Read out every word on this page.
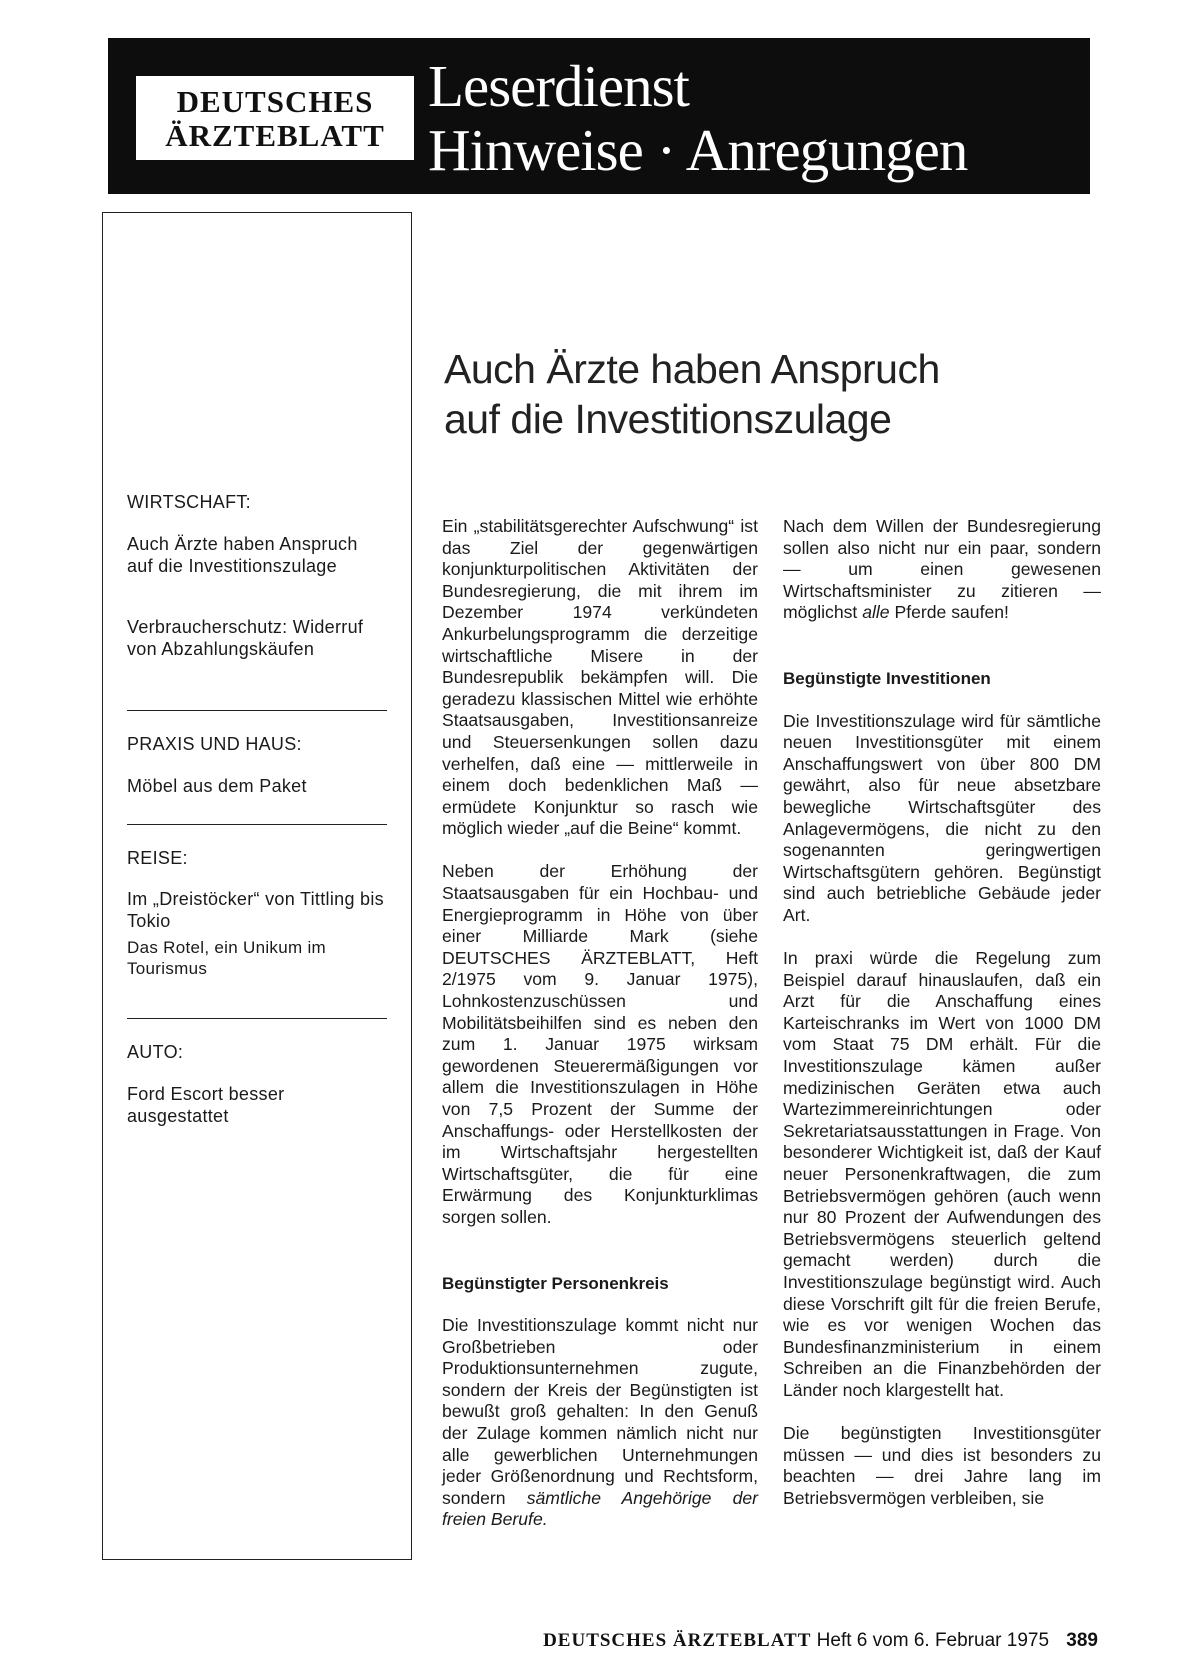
DEUTSCHES
ÄRZTEBLATT
Leserdienst
Hinweise · Anregungen
WIRTSCHAFT:
Auch Ärzte haben Anspruch auf die Investitionszulage
Verbraucherschutz: Widerruf von Abzahlungskäufen
PRAXIS UND HAUS:
Möbel aus dem Paket
REISE:
Im „Dreistöcker“ von Tittling bis Tokio
Das Rotel, ein Unikum im Tourismus
AUTO:
Ford Escort besser ausgestattet
Auch Ärzte haben Anspruch
auf die Investitionszulage

Ein „stabilitätsgerechter Aufschwung“ ist das Ziel der gegenwärtigen konjunkturpolitischen Aktivitäten der Bundesregierung, die mit ihrem im Dezember 1974 verkündeten Ankurbelungsprogramm die derzeitige wirtschaftliche Misere in der Bundesrepublik bekämpfen will. Die geradezu klassischen Mittel wie erhöhte Staatsausgaben, Investitionsanreize und Steuersenkungen sollen dazu verhelfen, daß eine — mittlerweile in einem doch bedenklichen Maß — ermüdete Konjunktur so rasch wie möglich wieder „auf die Beine“ kommt.

Neben der Erhöhung der Staatsausgaben für ein Hochbau- und Energieprogramm in Höhe von über einer Milliarde Mark (siehe DEUTSCHES ÄRZTEBLATT, Heft 2/1975 vom 9. Januar 1975), Lohnkostenzuschüssen und Mobilitätsbeihilfen sind es neben den zum 1. Januar 1975 wirksam gewordenen Steuerermäßigungen vor allem die Investitionszulagen in Höhe von 7,5 Prozent der Summe der Anschaffungs- oder Herstellkosten der im Wirtschaftsjahr hergestellten Wirtschaftsgüter, die für eine Erwärmung des Konjunkturklimas sorgen sollen.

Begünstigter Personenkreis

Die Investitionszulage kommt nicht nur Großbetrieben oder Produktionsunternehmen zugute, sondern der Kreis der Begünstigten ist bewußt groß gehalten: In den Genuß der Zulage kommen nämlich nicht nur alle gewerblichen Unternehmungen jeder Größenordnung und Rechtsform, sondern sämtliche Angehörige der freien Berufe.

Nach dem Willen der Bundesregierung sollen also nicht nur ein paar, sondern — um einen gewesenen Wirtschaftsminister zu zitieren — möglichst alle Pferde saufen!

Begünstigte Investitionen

Die Investitionszulage wird für sämtliche neuen Investitionsgüter mit einem Anschaffungswert von über 800 DM gewährt, also für neue absetzbare bewegliche Wirtschaftsgüter des Anlagevermögens, die nicht zu den sogenannten geringwertigen Wirtschaftsgütern gehören. Begünstigt sind auch betriebliche Gebäude jeder Art.

In praxi würde die Regelung zum Beispiel darauf hinauslaufen, daß ein Arzt für die Anschaffung eines Karteischranks im Wert von 1000 DM vom Staat 75 DM erhält. Für die Investitionszulage kämen außer medizinischen Geräten etwa auch Wartezimmereinrichtungen oder Sekretariatsausstattungen in Frage. Von besonderer Wichtigkeit ist, daß der Kauf neuer Personenkraftwagen, die zum Betriebsvermögen gehören (auch wenn nur 80 Prozent der Aufwendungen des Betriebsvermögens steuerlich geltend gemacht werden) durch die Investitionszulage begünstigt wird. Auch diese Vorschrift gilt für die freien Berufe, wie es vor wenigen Wochen das Bundesfinanzministerium in einem Schreiben an die Finanzbehörden der Länder noch klargestellt hat.

Die begünstigten Investitionsgüter müssen — und dies ist besonders zu beachten — drei Jahre lang im Betriebsvermögen verbleiben, sie

DEUTSCHES ÄRZTEBLATT Heft 6 vom 6. Februar 1975 389
